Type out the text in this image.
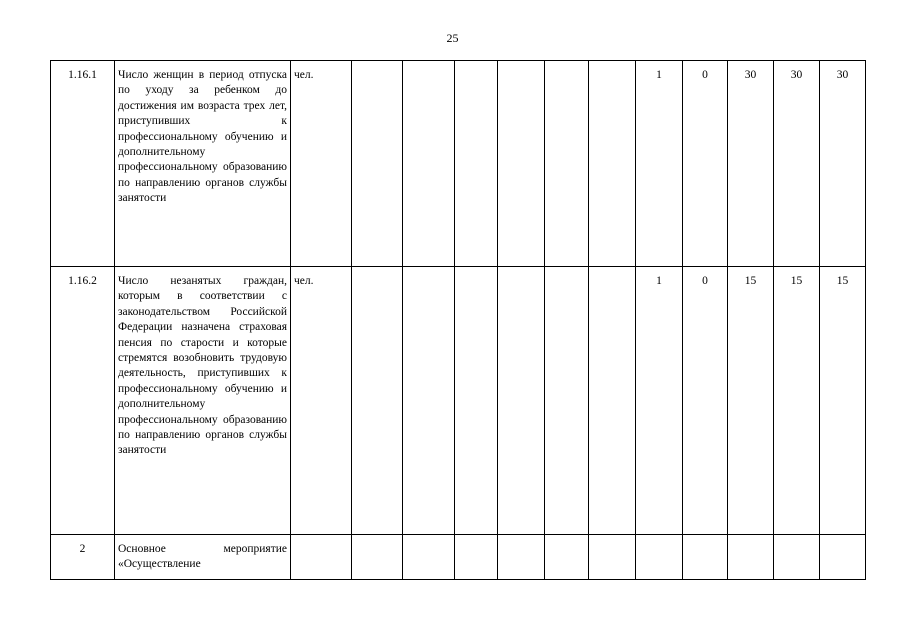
25
1.16.1	Число женщин в период отпуска по уходу за ребенком до достижения им возраста трех лет, приступивших к профессиональному обучению и дополнительному профессиональному образованию по направлению органов службы занятости	чел.							1	0	30	30	30
1.16.2	Число незанятых граждан, которым в соответствии с законодательством Российской Федерации назначена страховая пенсия по старости и которые стремятся возобновить трудовую деятельность, приступивших к профессиональному обучению и дополнительному профессиональному образованию по направлению органов службы занятости	чел.							1	0	15	15	15
2	Основное мероприятие «Осуществление												
